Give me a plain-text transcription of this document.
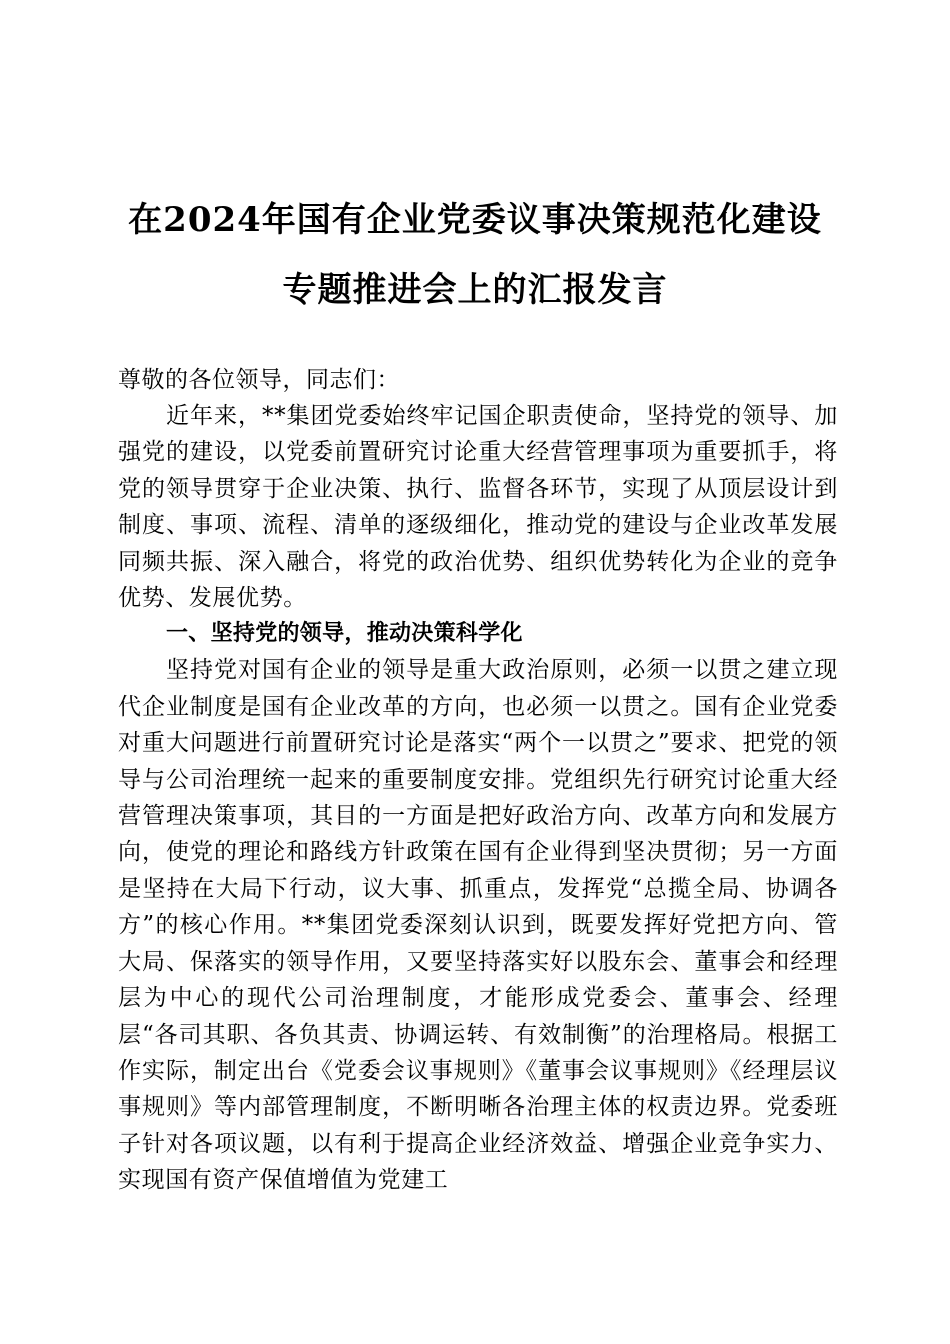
在2024年国有企业党委议事决策规范化建设
专题推进会上的汇报发言

尊敬的各位领导，同志们：

近年来，**集团党委始终牢记国企职责使命，坚持党的领导、加强党的建设，以党委前置研究讨论重大经营管理事项为重要抓手，将党的领导贯穿于企业决策、执行、监督各环节，实现了从顶层设计到制度、事项、流程、清单的逐级细化，推动党的建设与企业改革发展同频共振、深入融合，将党的政治优势、组织优势转化为企业的竞争优势、发展优势。

一、坚持党的领导，推动决策科学化

坚持党对国有企业的领导是重大政治原则，必须一以贯之建立现代企业制度是国有企业改革的方向，也必须一以贯之。国有企业党委对重大问题进行前置研究讨论是落实“两个一以贯之”要求、把党的领导与公司治理统一起来的重要制度安排。党组织先行研究讨论重大经营管理决策事项，其目的一方面是把好政治方向、改革方向和发展方向，使党的理论和路线方针政策在国有企业得到坚决贯彻；另一方面是坚持在大局下行动，议大事、抓重点，发挥党“总揽全局、协调各方”的核心作用。**集团党委深刻认识到，既要发挥好党把方向、管大局、保落实的领导作用，又要坚持落实好以股东会、董事会和经理层为中心的现代公司治理制度，才能形成党委会、董事会、经理层“各司其职、各负其责、协调运转、有效制衡”的治理格局。根据工作实际，制定出台《党委会议事规则》《董事会议事规则》《经理层议事规则》等内部管理制度，不断明晰各治理主体的权责边界。党委班子针对各项议题，以有利于提高企业经济效益、增强企业竞争实力、实现国有资产保值增值为党建工
